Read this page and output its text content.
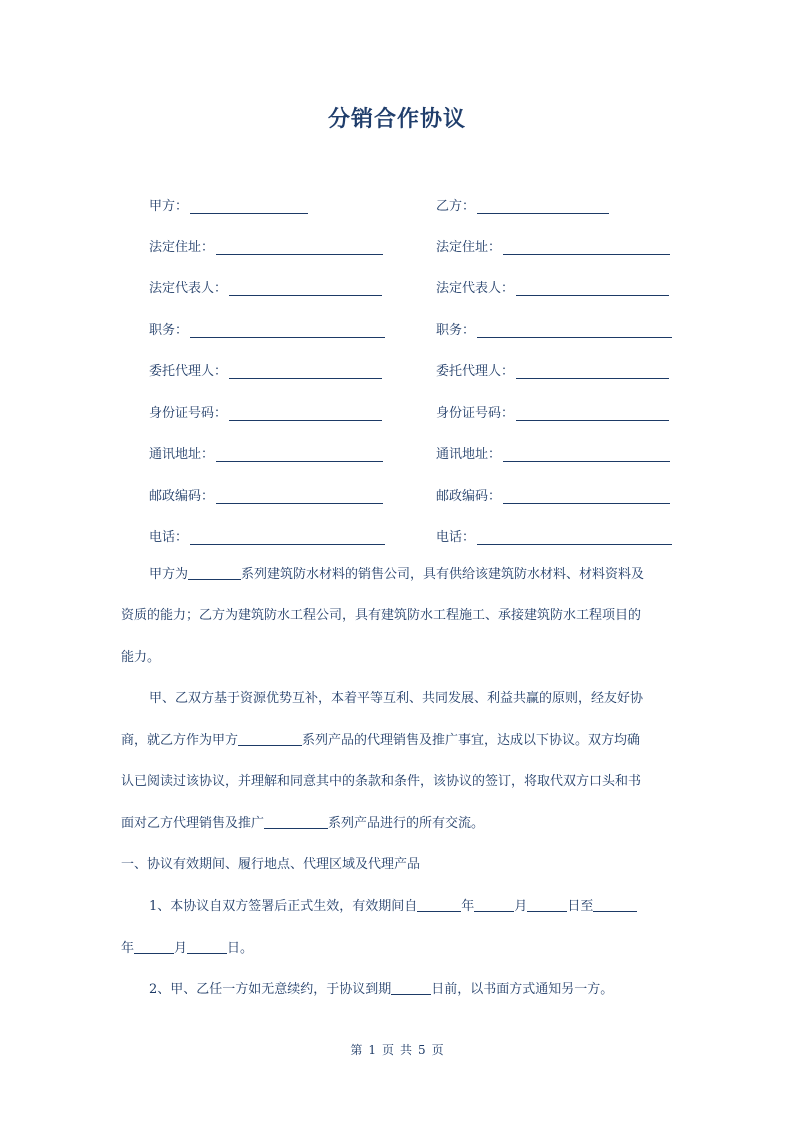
分销合作协议
甲方：	乙方：
法定住址：	法定住址：
法定代表人：	法定代表人：
职务：	职务：
委托代理人：	委托代理人：
身份证号码：	身份证号码：
通讯地址：	通讯地址：
邮政编码：	邮政编码：
电话：	电话：
甲方为	系列建筑防水材料的销售公司，具有供给该建筑防水材料、材料资料及
资质的能力；乙方为建筑防水工程公司，具有建筑防水工程施工、承接建筑防水工程项目的
能力。
甲、乙双方基于资源优势互补，本着平等互利、共同发展、利益共赢的原则，经友好协
商，就乙方作为甲方	系列产品的代理销售及推广事宜，达成以下协议。双方均确
认已阅读过该协议，并理解和同意其中的条款和条件，该协议的签订，将取代双方口头和书
面对乙方代理销售及推广	系列产品进行的所有交流。
一、协议有效期间、履行地点、代理区域及代理产品
1、本协议自双方签署后正式生效，有效期间自	年	月	日至
年	月	日。
2、甲、乙任一方如无意续约，于协议到期	日前，以书面方式通知另一方。
第 1 页 共 5 页
